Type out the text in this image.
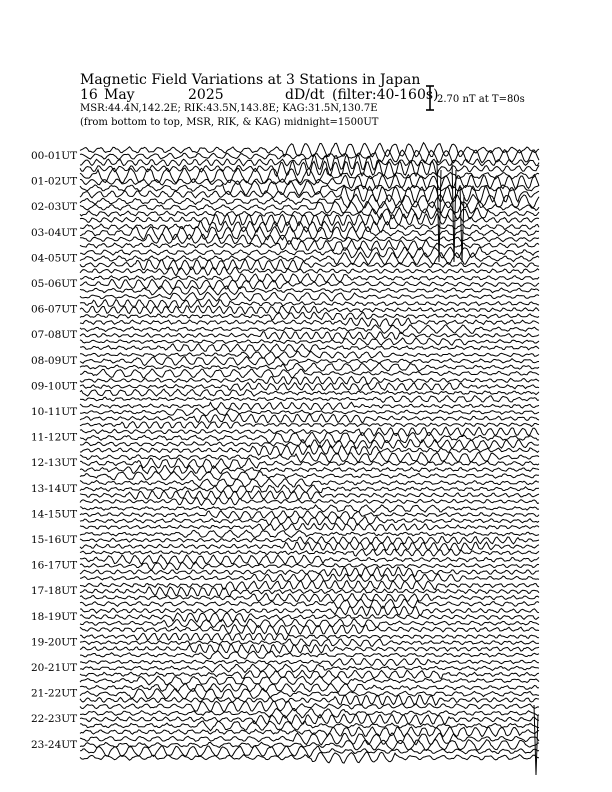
Magnetic Field Variations at 3 Stations in Japan
16 May	2025	dD/dt (filter:40-160s)
MSR:44.4N,142.2E; RIK:43.5N,143.8E; KAG:31.5N,130.7E
(from bottom to top, MSR, RIK, & KAG) midnight=1500UT
2.70 nT at T=80s
00-01UT
01-02UT
02-03UT
03-04UT
04-05UT
05-06UT
06-07UT
07-08UT
08-09UT
09-10UT
10-11UT
11-12UT
12-13UT
13-14UT
14-15UT
15-16UT
16-17UT
17-18UT
18-19UT
19-20UT
20-21UT
21-22UT
22-23UT
23-24UT
